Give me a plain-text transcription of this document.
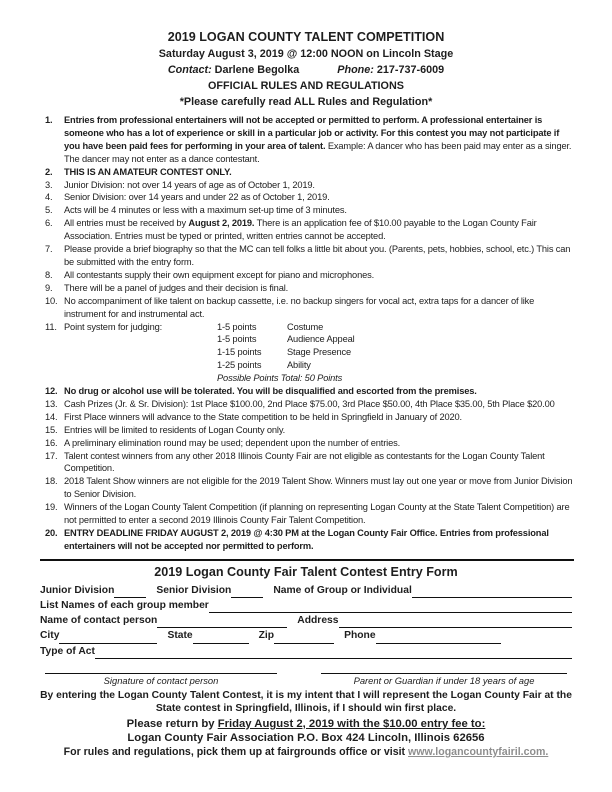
2019 LOGAN COUNTY TALENT COMPETITION
Saturday August 3, 2019 @ 12:00 NOON on Lincoln Stage
Contact: Darlene Begolka	Phone: 217-737-6009
OFFICIAL RULES AND REGULATIONS
*Please carefully read ALL Rules and Regulation*
1.	Entries from professional entertainers will not be accepted or permitted to perform. A professional entertainer is someone who has a lot of experience or skill in a particular job or activity. For this contest you may not participate if you have been paid fees for performing in your area of talent. Example: A dancer who has been paid may enter as a singer. The dancer may not enter as a dance contestant.
2.	THIS IS AN AMATEUR CONTEST ONLY.
3.	Junior Division: not over 14 years of age as of October 1, 2019.
4.	Senior Division: over 14 years and under 22 as of October 1, 2019.
5.	Acts will be 4 minutes or less with a maximum set-up time of 3 minutes.
6.	All entries must be received by August 2, 2019. There is an application fee of $10.00 payable to the Logan County Fair Association. Entries must be typed or printed, written entries cannot be accepted.
7.	Please provide a brief biography so that the MC can tell folks a little bit about you. (Parents, pets, hobbies, school, etc.) This can be submitted with the entry form.
8.	All contestants supply their own equipment except for piano and microphones.
9.	There will be a panel of judges and their decision is final.
10. No accompaniment of like talent on backup cassette, i.e. no backup singers for vocal act, extra taps for a dancer of like instrument for and instrumental act.
11. Point system for judging:	1-5 points	Costume
1-5 points	Audience Appeal
1-15 points	Stage Presence
1-25 points	Ability
Possible Points Total: 50 Points
12. No drug or alcohol use will be tolerated. You will be disqualified and escorted from the premises.
13. Cash Prizes (Jr. & Sr. Division): 1st Place $100.00, 2nd Place $75.00, 3rd Place $50.00, 4th Place $35.00, 5th Place $20.00
14. First Place winners will advance to the State competition to be held in Springfield in January of 2020.
15. Entries will be limited to residents of Logan County only.
16. A preliminary elimination round may be used; dependent upon the number of entries.
17. Talent contest winners from any other 2018 Illinois County Fair are not eligible as contestants for the Logan County Talent Competition.
18. 2018 Talent Show winners are not eligible for the 2019 Talent Show. Winners must lay out one year or move from Junior Division to Senior Division.
19. Winners of the Logan County Talent Competition (if planning on representing Logan County at the State Talent Competition) are not permitted to enter a second 2019 Illinois County Fair Talent Competition.
20. ENTRY DEADLINE FRIDAY AUGUST 2, 2019 @ 4:30 PM at the Logan County Fair Office. Entries from professional entertainers will not be accepted nor permitted to perform.
2019 Logan County Fair Talent Contest Entry Form
Junior Division	Senior Division	Name of Group or Individual
List Names of each group member
Name of contact person	Address
City	State	Zip	Phone
Type of Act
Signature of contact person	Parent or Guardian if under 18 years of age

By entering the Logan County Talent Contest, it is my intent that I will represent the Logan County Fair at the State contest in Springfield, Illinois, if I should win first place.

Please return by Friday August 2, 2019 with the $10.00 entry fee to:

Logan County Fair Association P.O. Box 424 Lincoln, Illinois 62656

For rules and regulations, pick them up at fairgrounds office or visit www.logancountyfairil.com.
